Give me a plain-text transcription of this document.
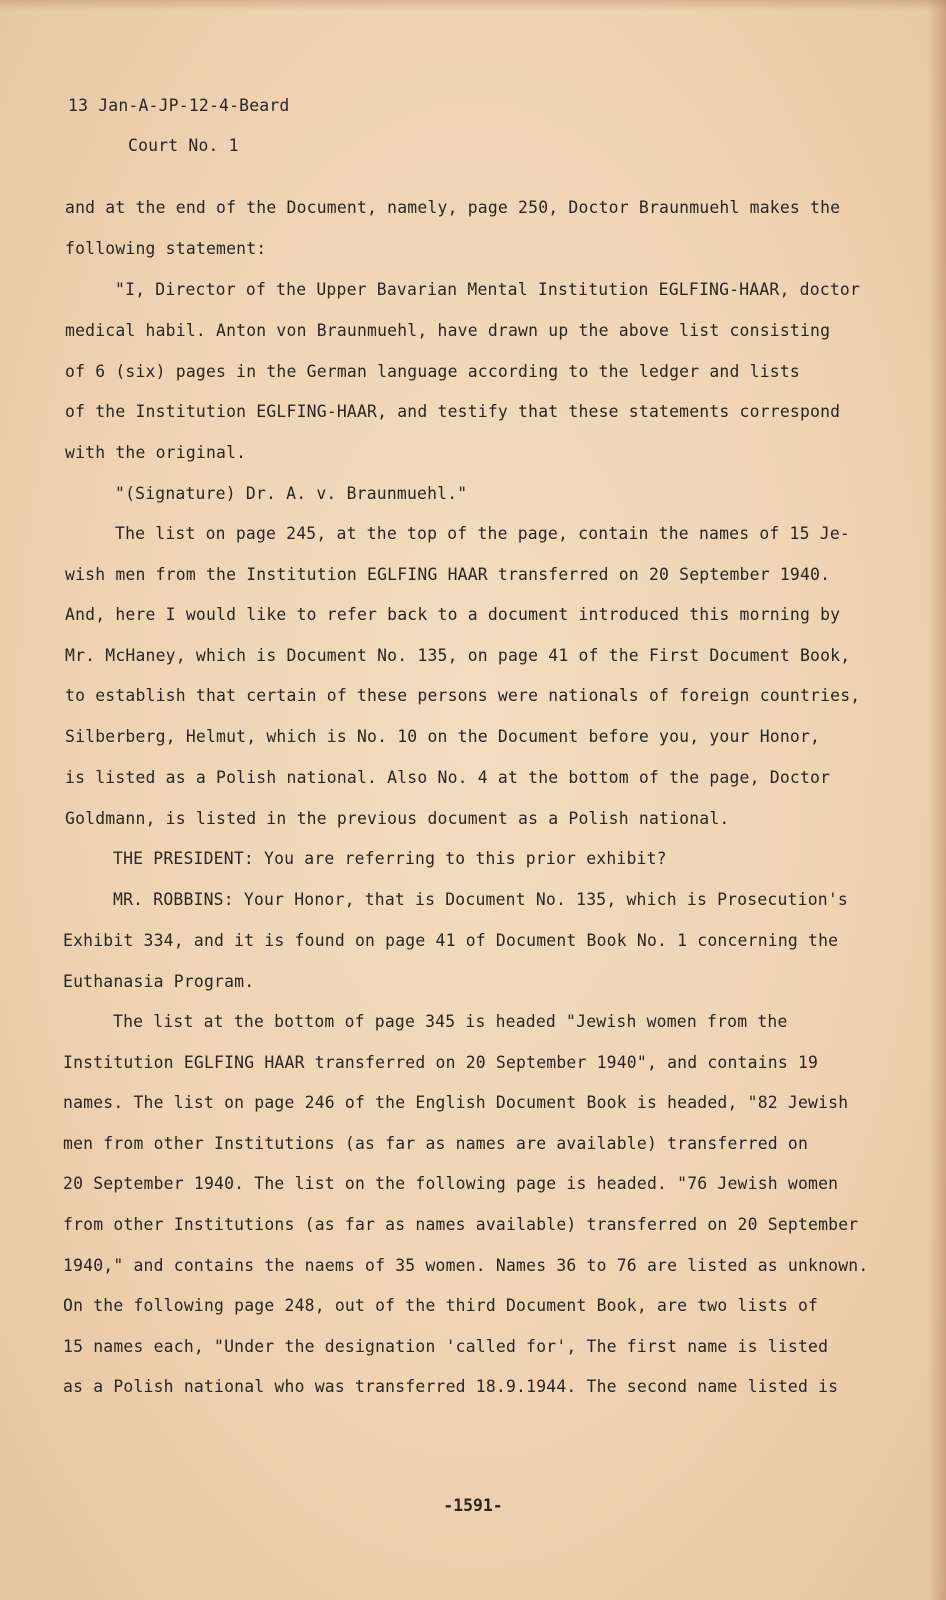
13 Jan-A-JP-12-4-Beard
Court No. 1
and at the end of the Document, namely, page 250, Doctor Braunmuehl makes the
following statement:
"I, Director of the Upper Bavarian Mental Institution EGLFING-HAAR, doctor
medical habil. Anton von Braunmuehl, have drawn up the above list consisting
of 6 (six) pages in the German language according to the ledger and lists
of the Institution EGLFING-HAAR, and testify that these statements correspond
with the original.
"(Signature) Dr. A. v. Braunmuehl."
The list on page 245, at the top of the page, contain the names of 15 Je-
wish men from the Institution EGLFING HAAR transferred on 20 September 1940.
And, here I would like to refer back to a document introduced this morning by
Mr. McHaney, which is Document No. 135, on page 41 of the First Document Book,
to establish that certain of these persons were nationals of foreign countries,
Silberberg, Helmut, which is No. 10 on the Document before you, your Honor,
is listed as a Polish national. Also No. 4 at the bottom of the page, Doctor
Goldmann, is listed in the previous document as a Polish national.
THE PRESIDENT: You are referring to this prior exhibit?
MR. ROBBINS: Your Honor, that is Document No. 135, which is Prosecution's
Exhibit 334, and it is found on page 41 of Document Book No. 1 concerning the
Euthanasia Program.
The list at the bottom of page 345 is headed "Jewish women from the
Institution EGLFING HAAR transferred on 20 September 1940", and contains 19
names. The list on page 246 of the English Document Book is headed, "82 Jewish
men from other Institutions (as far as names are available) transferred on
20 September 1940. The list on the following page is headed. "76 Jewish women
from other Institutions (as far as names available) transferred on 20 September
1940," and contains the naems of 35 women. Names 36 to 76 are listed as unknown.
On the following page 248, out of the third Document Book, are two lists of
15 names each, "Under the designation 'called for', The first name is listed
as a Polish national who was transferred 18.9.1944. The second name listed is
-1591-
